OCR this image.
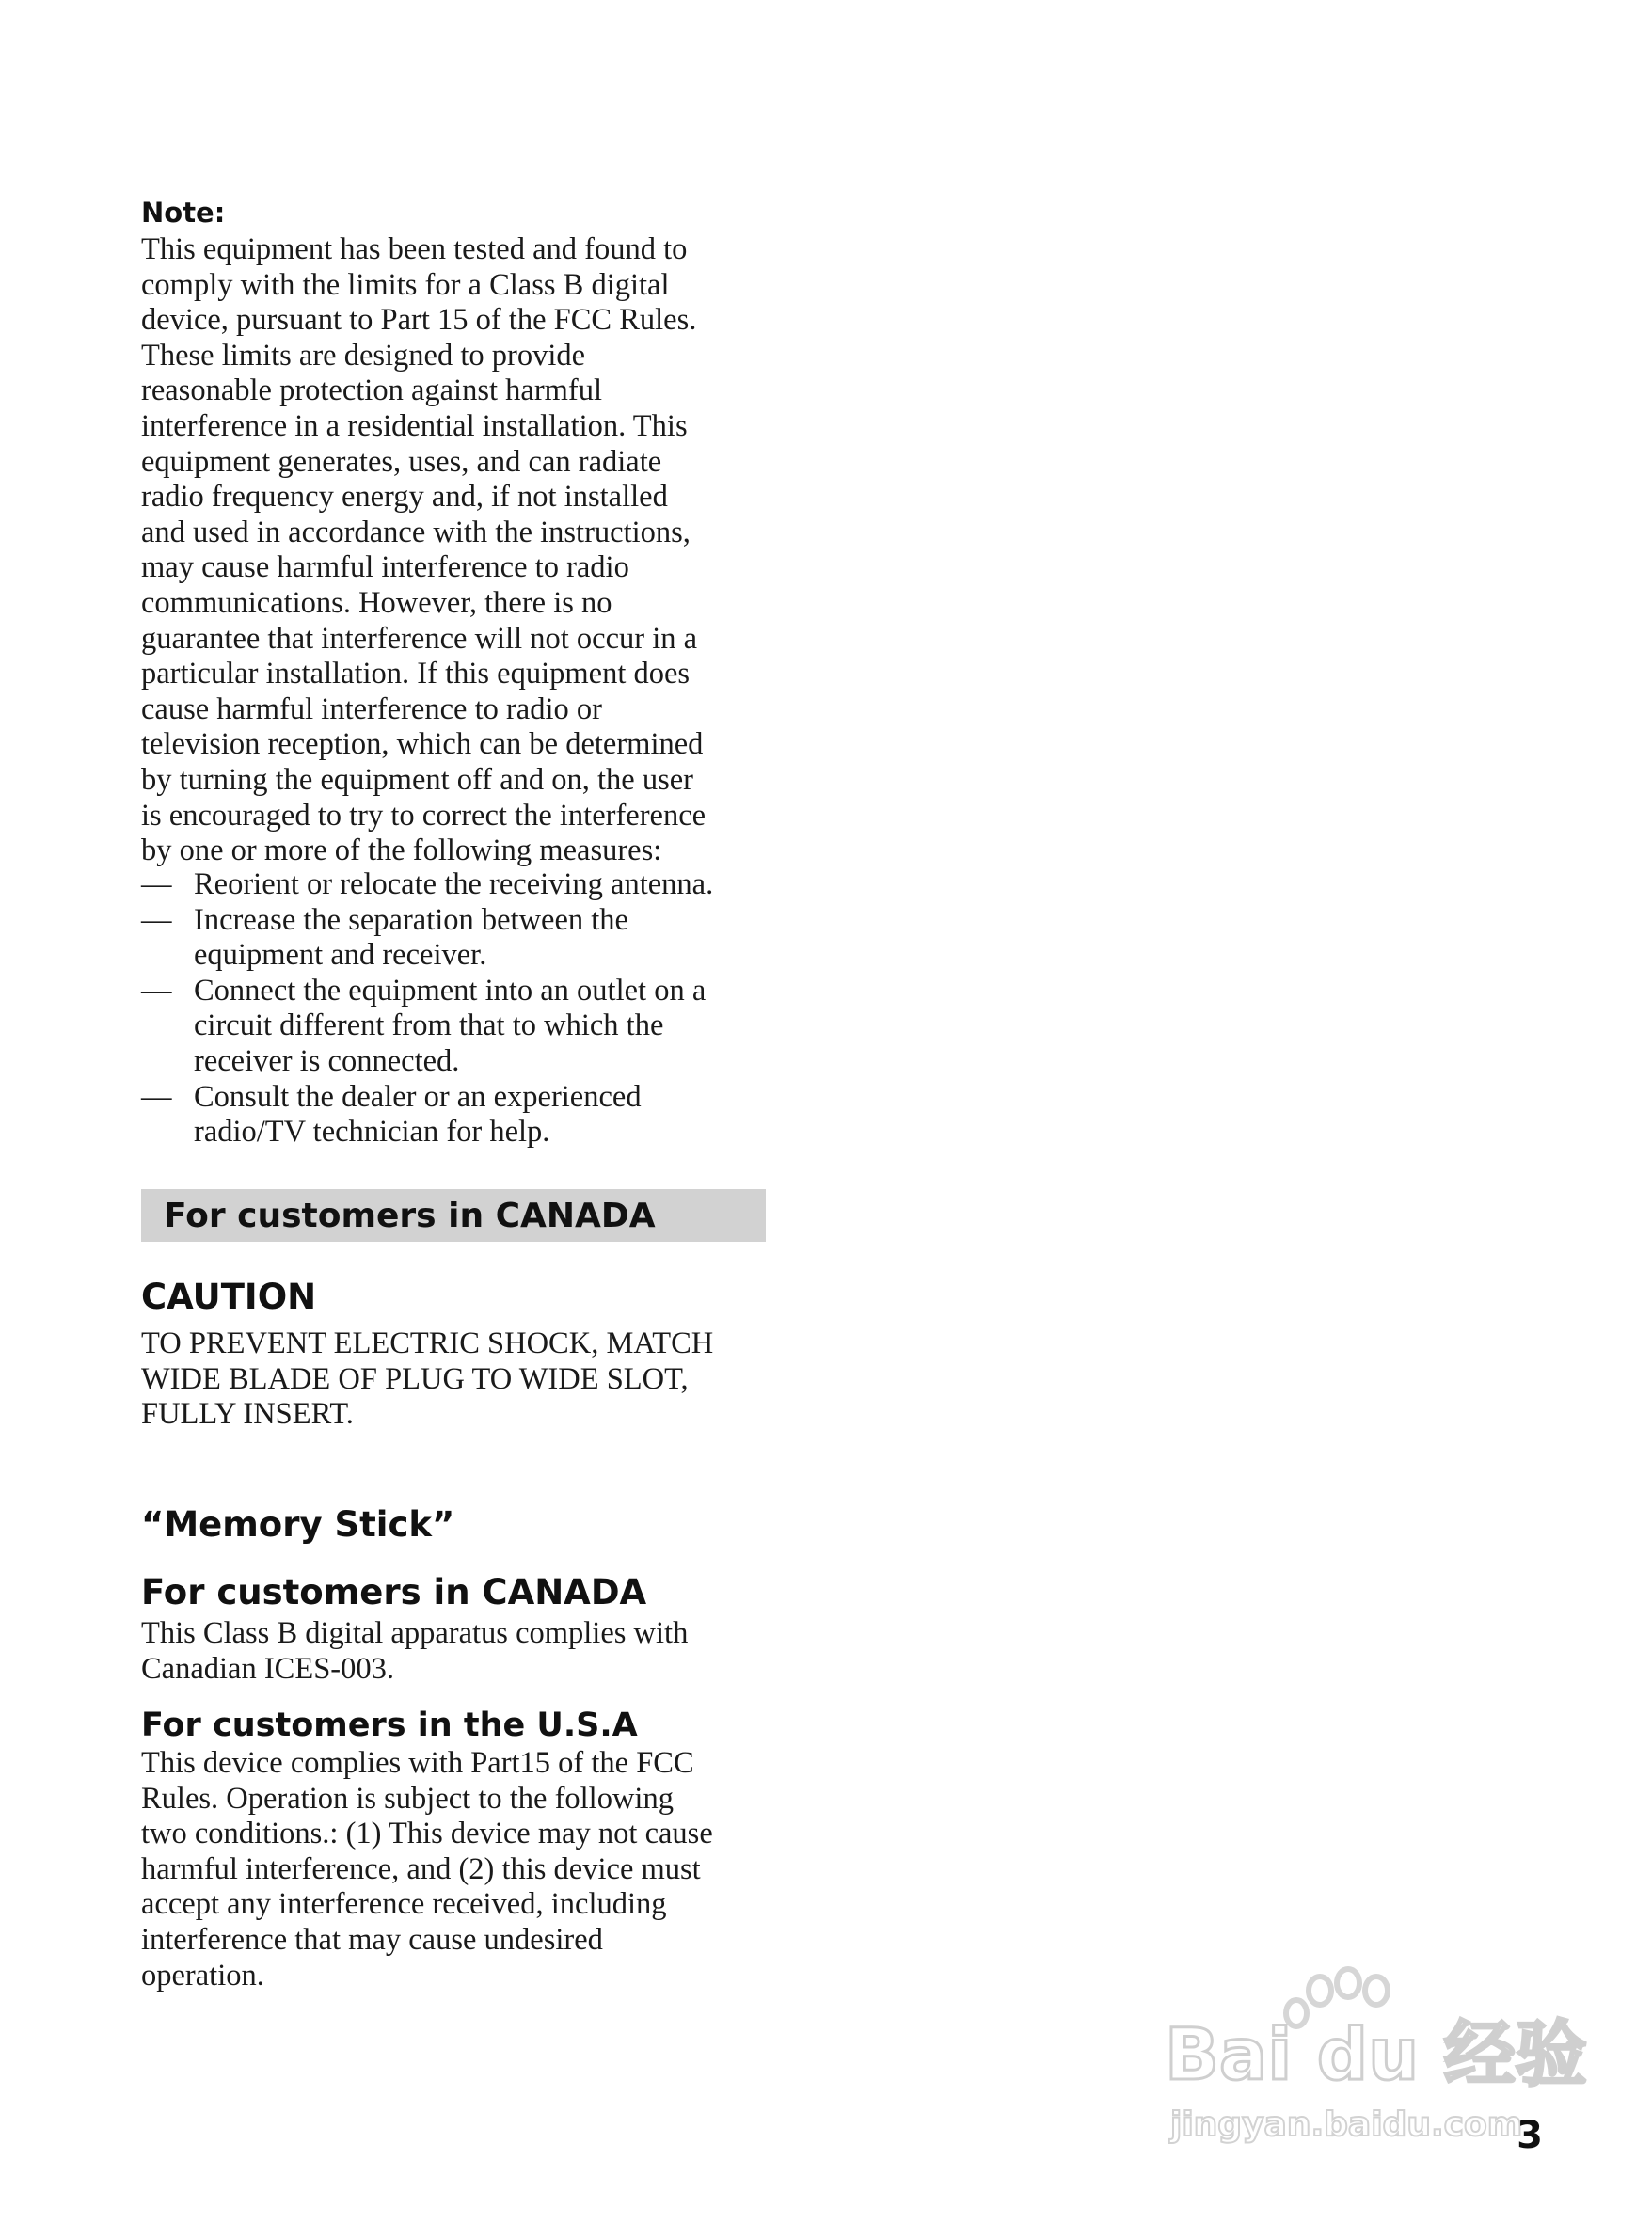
Note:
This equipment has been tested and found to
comply with the limits for a Class B digital
device, pursuant to Part 15 of the FCC Rules.
These limits are designed to provide
reasonable protection against harmful
interference in a residential installation. This
equipment generates, uses, and can radiate
radio frequency energy and, if not installed
and used in accordance with the instructions,
may cause harmful interference to radio
communications. However, there is no
guarantee that interference will not occur in a
particular installation. If this equipment does
cause harmful interference to radio or
television reception, which can be determined
by turning the equipment off and on, the user
is encouraged to try to correct the interference
by one or more of the following measures:
— Reorient or relocate the receiving antenna.
— Increase the separation between the
equipment and receiver.
— Connect the equipment into an outlet on a
circuit different from that to which the
receiver is connected.
— Consult the dealer or an experienced
radio/TV technician for help.
For customers in CANADA
CAUTION
TO PREVENT ELECTRIC SHOCK, MATCH
WIDE BLADE OF PLUG TO WIDE SLOT,
FULLY INSERT.
“Memory Stick”
For customers in CANADA
This Class B digital apparatus complies with
Canadian ICES-003.
For customers in the U.S.A
This device complies with Part15 of the FCC
Rules. Operation is subject to the following
two conditions.: (1) This device may not cause
harmful interference, and (2) this device must
accept any interference received, including
interference that may cause undesired
operation.
Bai du 经验
jingyan.baidu.com
3
